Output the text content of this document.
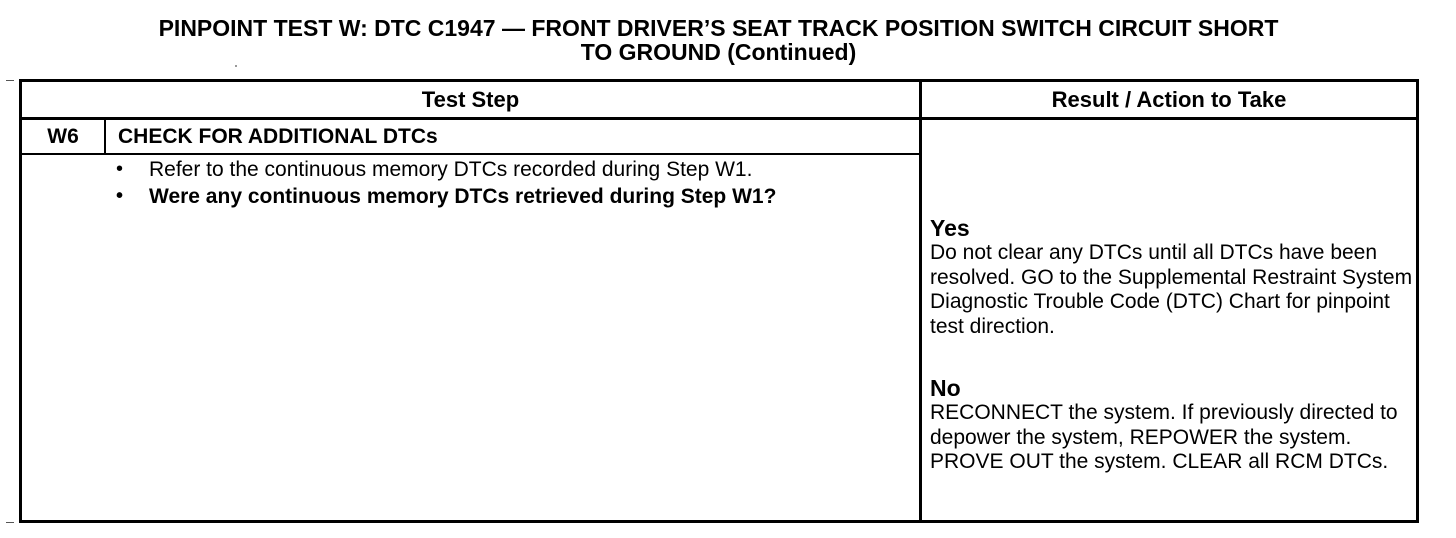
PINPOINT TEST W: DTC C1947 — FRONT DRIVER’S SEAT TRACK POSITION SWITCH CIRCUIT SHORT
TO GROUND (Continued)
Test Step	Result / Action to Take
W6	CHECK FOR ADDITIONAL DTCs
• Refer to the continuous memory DTCs recorded during Step W1.
• Were any continuous memory DTCs retrieved during Step W1?
Yes
Do not clear any DTCs until all DTCs have been resolved. GO to the Supplemental Restraint System Diagnostic Trouble Code (DTC) Chart for pinpoint test direction.
No
RECONNECT the system. If previously directed to depower the system, REPOWER the system. PROVE OUT the system. CLEAR all RCM DTCs.
